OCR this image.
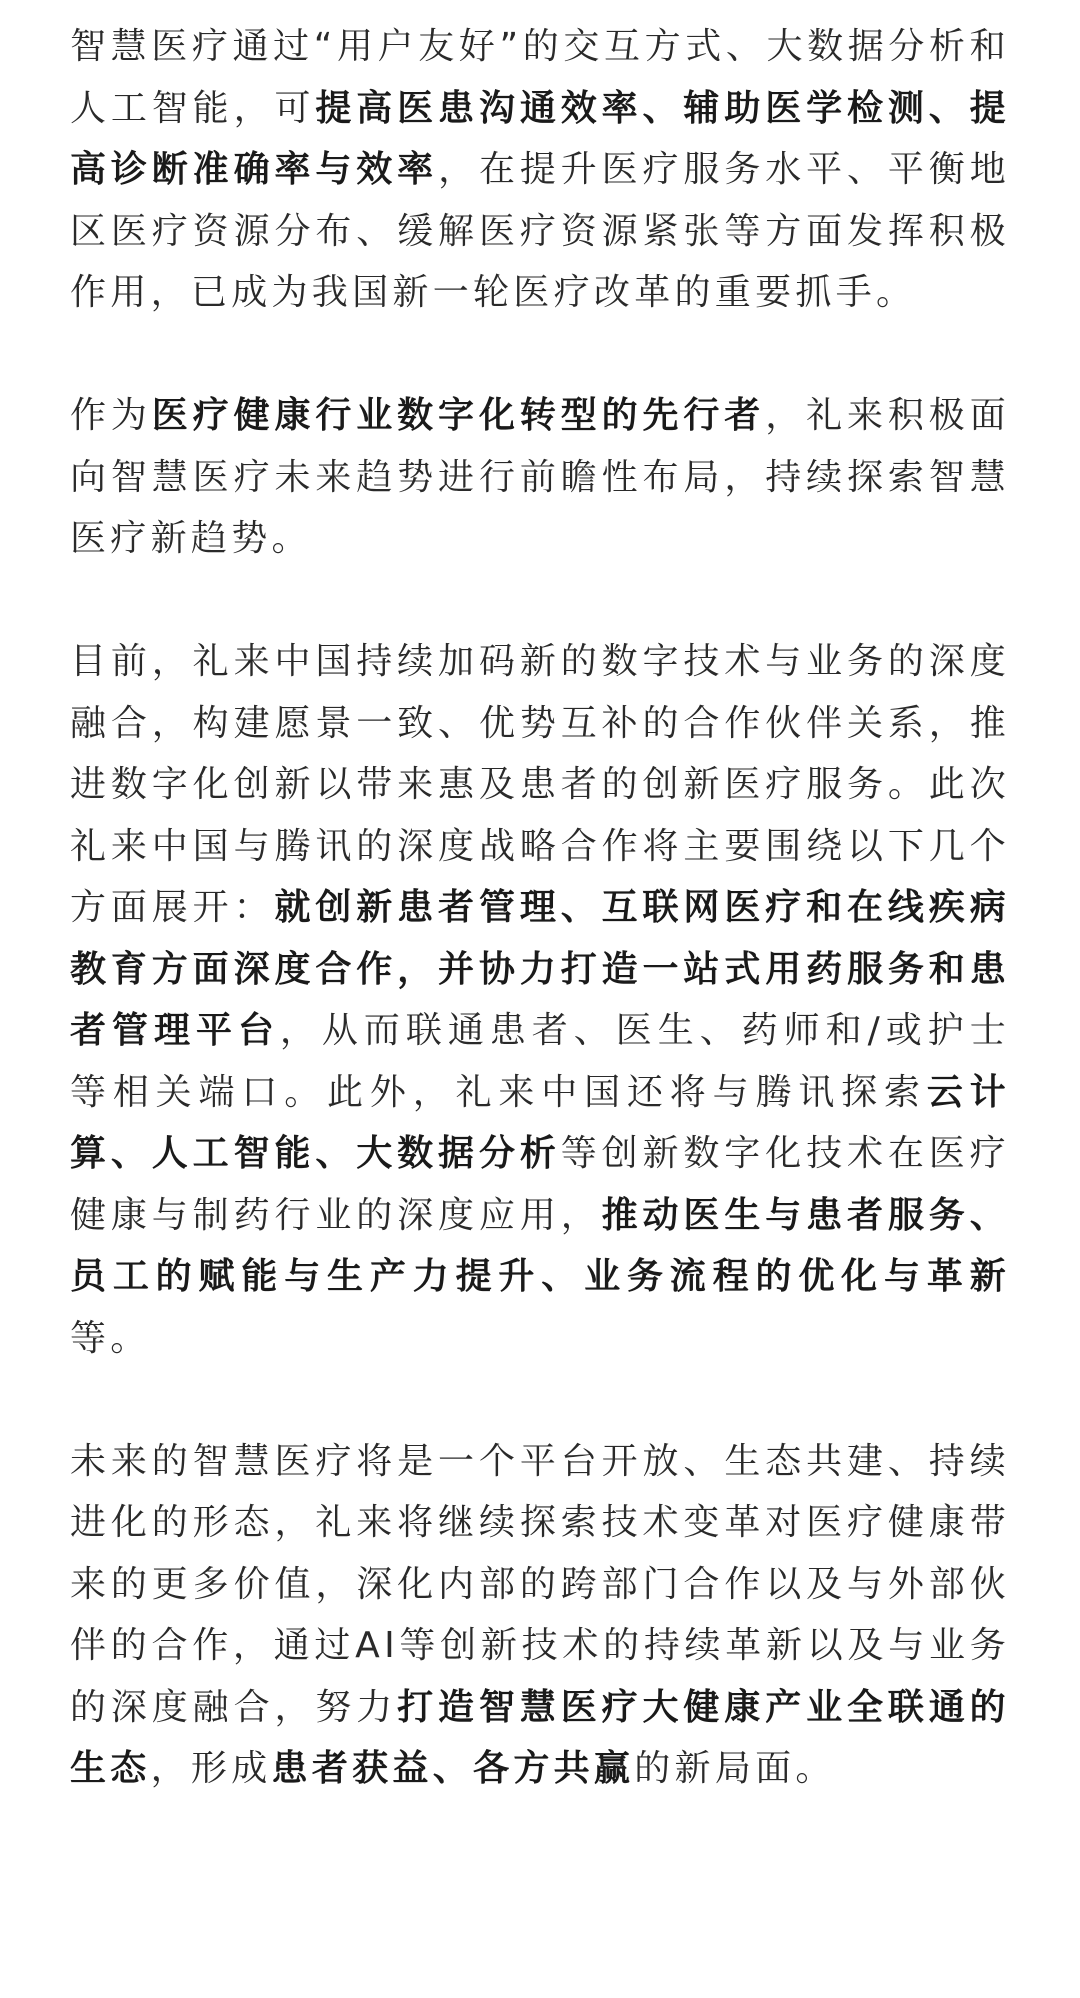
智慧医疗通过“用户友好”的交互方式、大数据分析和人工智能，可提高医患沟通效率、辅助医学检测、提高诊断准确率与效率，在提升医疗服务水平、平衡地区医疗资源分布、缓解医疗资源紧张等方面发挥积极作用，已成为我国新一轮医疗改革的重要抓手。

作为医疗健康行业数字化转型的先行者，礼来积极面向智慧医疗未来趋势进行前瞻性布局，持续探索智慧医疗新趋势。

目前，礼来中国持续加码新的数字技术与业务的深度融合，构建愿景一致、优势互补的合作伙伴关系，推进数字化创新以带来惠及患者的创新医疗服务。此次礼来中国与腾讯的深度战略合作将主要围绕以下几个方面展开：就创新患者管理、互联网医疗和在线疾病教育方面深度合作，并协力打造一站式用药服务和患者管理平台，从而联通患者、医生、药师和/或护士等相关端口。此外，礼来中国还将与腾讯探索云计算、人工智能、大数据分析等创新数字化技术在医疗健康与制药行业的深度应用，推动医生与患者服务、员工的赋能与生产力提升、业务流程的优化与革新等。

未来的智慧医疗将是一个平台开放、生态共建、持续进化的形态，礼来将继续探索技术变革对医疗健康带来的更多价值，深化内部的跨部门合作以及与外部伙伴的合作，通过AI等创新技术的持续革新以及与业务的深度融合，努力打造智慧医疗大健康产业全联通的生态，形成患者获益、各方共赢的新局面。
